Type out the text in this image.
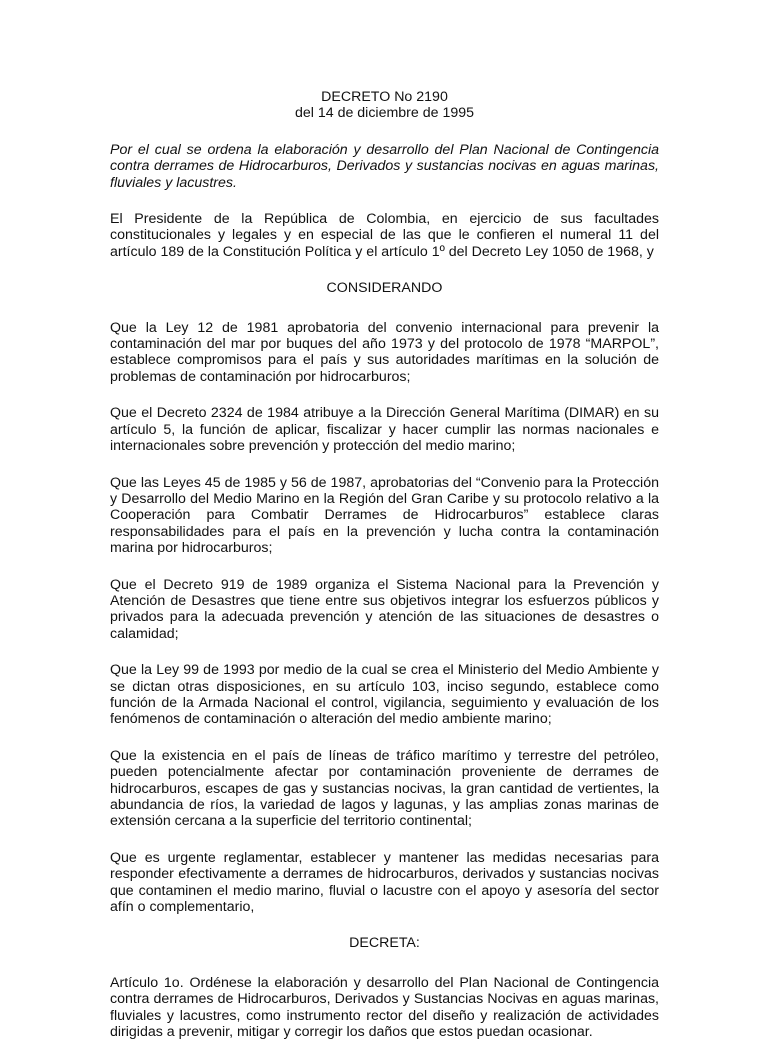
DECRETO No 2190

del 14 de diciembre de 1995

Por el cual se ordena la elaboración y desarrollo del Plan Nacional de Contingencia contra derrames de Hidrocarburos, Derivados y sustancias nocivas en aguas marinas, fluviales y lacustres.

El Presidente de la República de Colombia, en ejercicio de sus facultades constitucionales y legales y en especial de las que le confieren el numeral 11 del artículo 189 de la Constitución Política y el artículo 1º del Decreto Ley 1050 de 1968, y

CONSIDERANDO

Que la Ley 12 de 1981 aprobatoria del convenio internacional para prevenir la contaminación del mar por buques del año 1973 y del protocolo de 1978 “MARPOL”, establece compromisos para el país y sus autoridades marítimas en la solución de problemas de contaminación por hidrocarburos;

Que el Decreto 2324 de 1984 atribuye a la Dirección General Marítima (DIMAR) en su artículo 5, la función de aplicar, fiscalizar y hacer cumplir las normas nacionales e internacionales sobre prevención y protección del medio marino;

Que las Leyes 45 de 1985 y 56 de 1987, aprobatorias del “Convenio para la Protección y Desarrollo del Medio Marino en la Región del Gran Caribe y su protocolo relativo a la Cooperación para Combatir Derrames de Hidrocarburos” establece claras responsabilidades para el país en la prevención y lucha contra la contaminación marina por hidrocarburos;

Que el Decreto 919 de 1989 organiza el Sistema Nacional para la Prevención y Atención de Desastres que tiene entre sus objetivos integrar los esfuerzos públicos y privados para la adecuada prevención y atención de las situaciones de desastres o calamidad;

Que la Ley 99 de 1993 por medio de la cual se crea el Ministerio del Medio Ambiente y se dictan otras disposiciones, en su artículo 103, inciso segundo, establece como función de la Armada Nacional el control, vigilancia, seguimiento y evaluación de los fenómenos de contaminación o alteración del medio ambiente marino;

Que la existencia en el país de líneas de tráfico marítimo y terrestre del petróleo, pueden potencialmente afectar por contaminación proveniente de derrames de hidrocarburos, escapes de gas y sustancias nocivas, la gran cantidad de vertientes, la abundancia de ríos, la variedad de lagos y lagunas, y las amplias zonas marinas de extensión cercana a la superficie del territorio continental;

Que es urgente reglamentar, establecer y mantener las medidas necesarias para responder efectivamente a derrames de hidrocarburos, derivados y sustancias nocivas que contaminen el medio marino, fluvial o lacustre con el apoyo y asesoría del sector afín o complementario,

DECRETA:

Artículo 1o. Ordénese la elaboración y desarrollo del Plan Nacional de Contingencia contra derrames de Hidrocarburos, Derivados y Sustancias Nocivas en aguas marinas, fluviales y lacustres, como instrumento rector del diseño y realización de actividades dirigidas a prevenir, mitigar y corregir los daños que estos puedan ocasionar.
